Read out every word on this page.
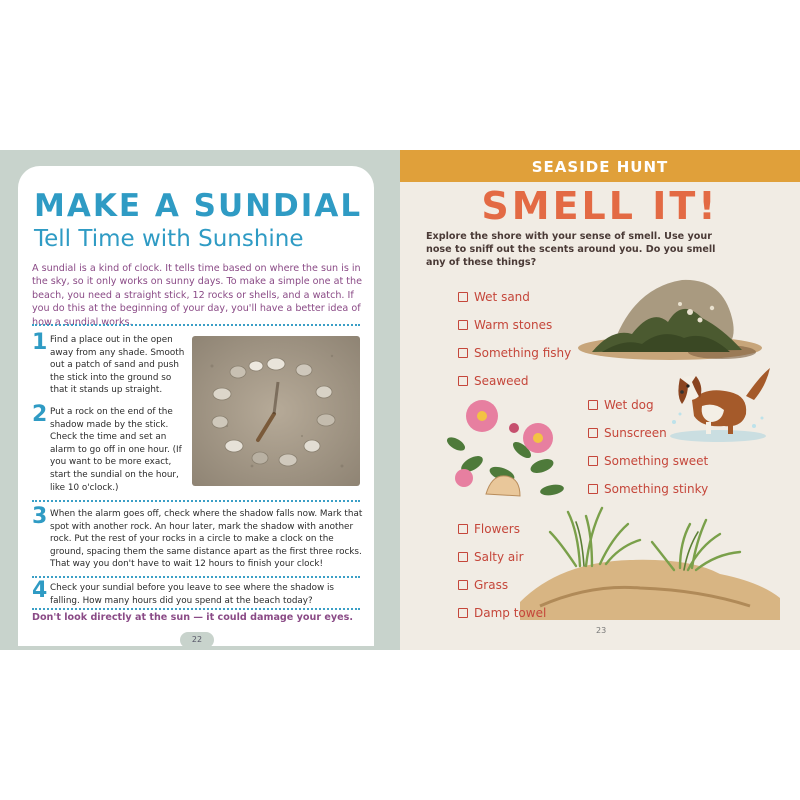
MAKE A SUNDIAL
Tell Time with Sunshine
A sundial is a kind of clock. It tells time based on where the sun is in the sky, so it only works on sunny days. To make a simple one at the beach, you need a straight stick, 12 rocks or shells, and a watch. If you do this at the beginning of your day, you'll have a better idea of how a sundial works.
1 Find a place out in the open away from any shade. Smooth out a patch of sand and push the stick into the ground so that it stands up straight.
2 Put a rock on the end of the shadow made by the stick. Check the time and set an alarm to go off in one hour. (If you want to be more exact, start the sundial on the hour, like 10 o'clock.)
3 When the alarm goes off, check where the shadow falls now. Mark that spot with another rock. An hour later, mark the shadow with another rock. Put the rest of your rocks in a circle to make a clock on the ground, spacing them the same distance apart as the first three rocks. That way you don't have to wait 12 hours to finish your clock!
4 Check your sundial before you leave to see where the shadow is falling. How many hours did you spend at the beach today?
Don't look directly at the sun — it could damage your eyes.
22
SEASIDE HUNT
SMELL IT!
Explore the shore with your sense of smell. Use your nose to sniff out the scents around you. Do you smell any of these things?
Wet sand
Warm stones
Something fishy
Seaweed
Wet dog
Sunscreen
Something sweet
Something stinky
Flowers
Salty air
Grass
Damp towel
23
